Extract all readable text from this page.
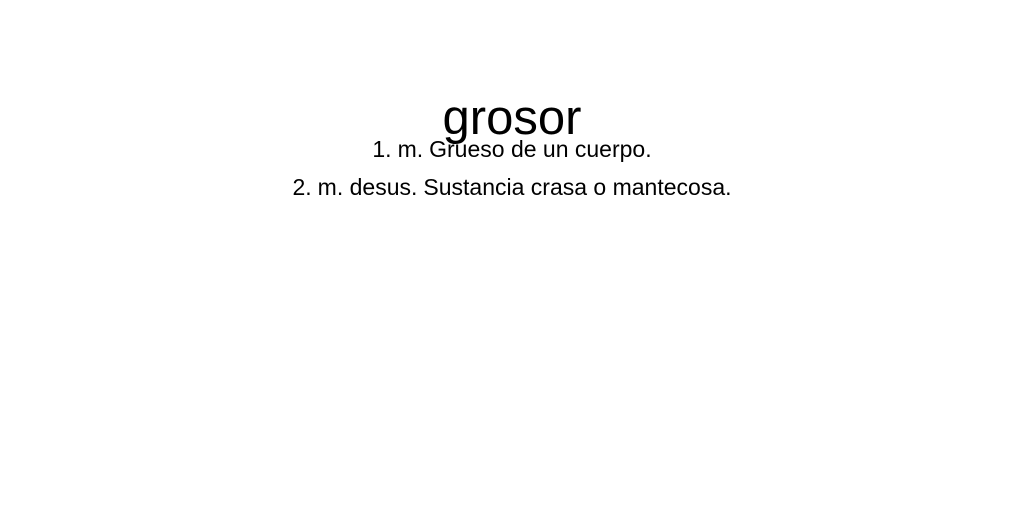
grosor
1. m. Grueso de un cuerpo.
2. m. desus. Sustancia crasa o mantecosa.
